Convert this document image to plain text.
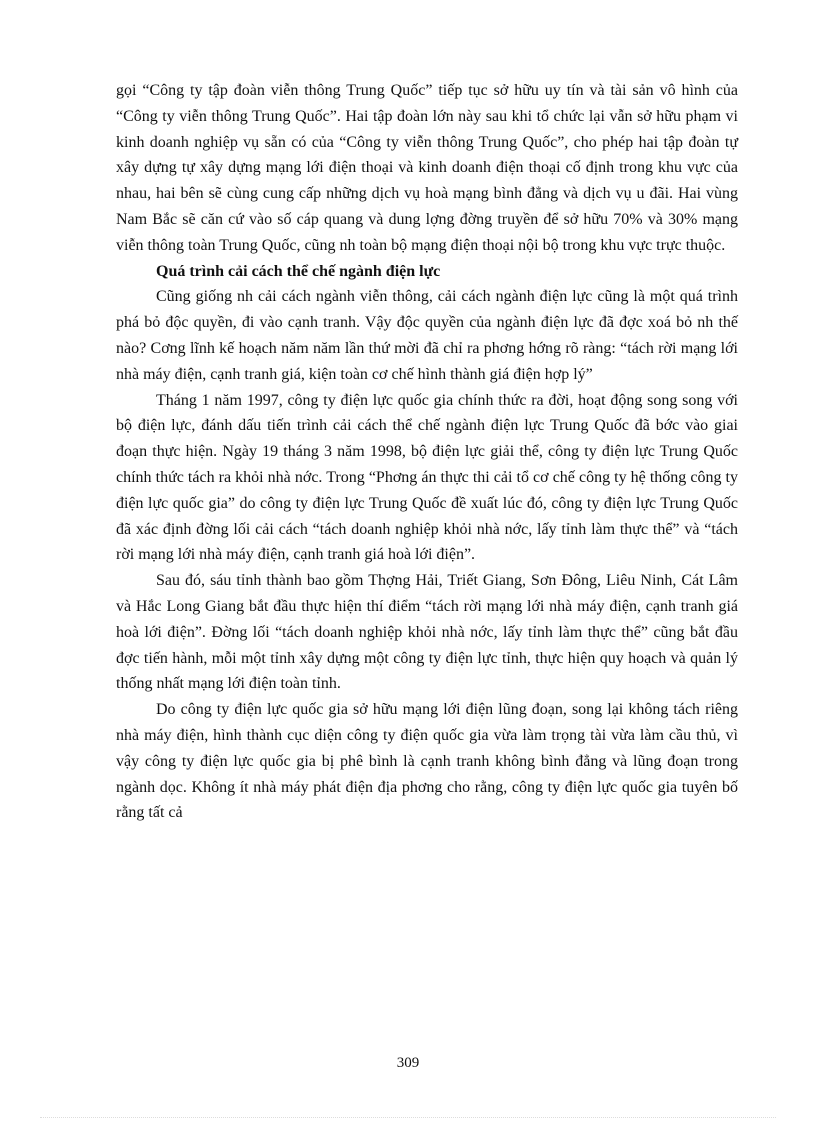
gọi “Công ty tập đoàn viễn thông Trung Quốc” tiếp tục sở hữu uy tín và tài sản vô hình của “Công ty viễn thông Trung Quốc”. Hai tập đoàn lớn này sau khi tổ chức lại vẫn sở hữu phạm vi kinh doanh nghiệp vụ sẵn có của “Công ty viễn thông Trung Quốc”, cho phép hai tập đoàn tự xây dựng tự xây dựng mạng lới điện thoại và kinh doanh điện thoại cố định trong khu vực của nhau, hai bên sẽ cùng cung cấp những dịch vụ hoà mạng bình đẳng và dịch vụ u đãi. Hai vùng Nam Bắc sẽ căn cứ vào số cáp quang và dung lợng đờng truyền để sở hữu 70% và 30% mạng viễn thông toàn Trung Quốc, cũng nh toàn bộ mạng điện thoại nội bộ trong khu vực trực thuộc.

Quá trình cải cách thể chế ngành điện lực

Cũng giống nh cải cách ngành viễn thông, cải cách ngành điện lực cũng là một quá trình phá bỏ độc quyền, đi vào cạnh tranh. Vậy độc quyền của ngành điện lực đã đợc xoá bỏ nh thế nào? Cơng lĩnh kế hoạch năm năm lần thứ mời đã chỉ ra phơng hớng rõ ràng: “tách rời mạng lới nhà máy điện, cạnh tranh giá, kiện toàn cơ chế hình thành giá điện hợp lý”

Tháng 1 năm 1997, công ty điện lực quốc gia chính thức ra đời, hoạt động song song với bộ điện lực, đánh dấu tiến trình cải cách thể chế ngành điện lực Trung Quốc đã bớc vào giai đoạn thực hiện. Ngày 19 tháng 3 năm 1998, bộ điện lực giải thể, công ty điện lực Trung Quốc chính thức tách ra khỏi nhà nớc. Trong “Phơng án thực thi cải tổ cơ chế công ty hệ thống công ty điện lực quốc gia” do công ty điện lực Trung Quốc đề xuất lúc đó, công ty điện lực Trung Quốc đã xác định đờng lối cải cách “tách doanh nghiệp khỏi nhà nớc, lấy tỉnh làm thực thể” và “tách rời mạng lới nhà máy điện, cạnh tranh giá hoà lới điện”.

Sau đó, sáu tỉnh thành bao gồm Thợng Hải, Triết Giang, Sơn Đông, Liêu Ninh, Cát Lâm và Hắc Long Giang bắt đầu thực hiện thí điểm “tách rời mạng lới nhà máy điện, cạnh tranh giá hoà lới điện”. Đờng lối “tách doanh nghiệp khỏi nhà nớc, lấy tỉnh làm thực thể” cũng bắt đầu đợc tiến hành, mỗi một tỉnh xây dựng một công ty điện lực tỉnh, thực hiện quy hoạch và quản lý thống nhất mạng lới điện toàn tỉnh.

Do công ty điện lực quốc gia sở hữu mạng lới điện lũng đoạn, song lại không tách riêng nhà máy điện, hình thành cục diện công ty điện quốc gia vừa làm trọng tài vừa làm cầu thủ, vì vậy công ty điện lực quốc gia bị phê bình là cạnh tranh không bình đẳng và lũng đoạn trong ngành dọc. Không ít nhà máy phát điện địa phơng cho rằng, công ty điện lực quốc gia tuyên bố rằng tất cả

309
